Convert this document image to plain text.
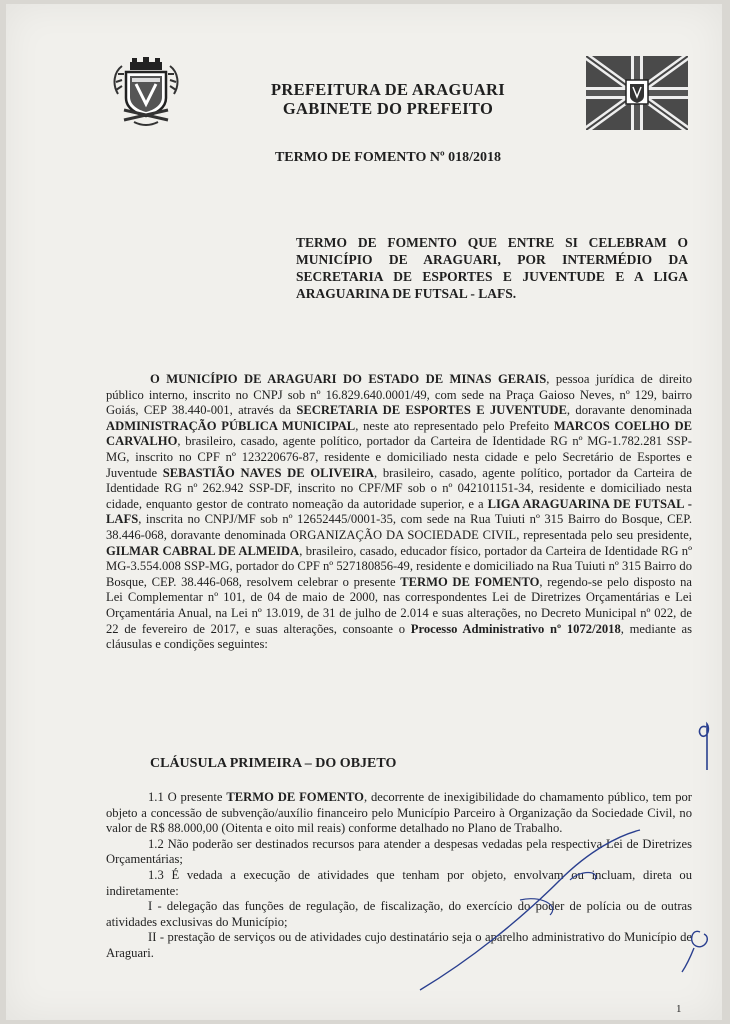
PREFEITURA DE ARAGUARI
GABINETE DO PREFEITO
TERMO DE FOMENTO Nº 018/2018
TERMO DE FOMENTO QUE ENTRE SI CELEBRAM O MUNICÍPIO DE ARAGUARI, POR INTERMÉDIO DA SECRETARIA DE ESPORTES E JUVENTUDE E A LIGA ARAGUARINA DE FUTSAL - LAFS.

O MUNICÍPIO DE ARAGUARI DO ESTADO DE MINAS GERAIS, pessoa jurídica de direito público interno, inscrito no CNPJ sob nº 16.829.640.0001/49, com sede na Praça Gaioso Neves, nº 129, bairro Goiás, CEP 38.440-001, através da SECRETARIA DE ESPORTES E JUVENTUDE, doravante denominada ADMINISTRAÇÃO PÚBLICA MUNICIPAL, neste ato representado pelo Prefeito MARCOS COELHO DE CARVALHO, brasileiro, casado, agente político, portador da Carteira de Identidade RG nº MG-1.782.281 SSP-MG, inscrito no CPF nº 123220676-87, residente e domiciliado nesta cidade e pelo Secretário de Esportes e Juventude SEBASTIÃO NAVES DE OLIVEIRA, brasileiro, casado, agente político, portador da Carteira de Identidade RG nº 262.942 SSP-DF, inscrito no CPF/MF sob o nº 042101151-34, residente e domiciliado nesta cidade, enquanto gestor de contrato nomeação da autoridade superior, e a LIGA ARAGUARINA DE FUTSAL - LAFS, inscrita no CNPJ/MF sob nº 12652445/0001-35, com sede na Rua Tuiuti nº 315 Bairro do Bosque, CEP. 38.446-068, doravante denominada ORGANIZAÇÃO DA SOCIEDADE CIVIL, representada pelo seu presidente, GILMAR CABRAL DE ALMEIDA, brasileiro, casado, educador físico, portador da Carteira de Identidade RG nº MG-3.554.008 SSP-MG, portador do CPF nº 527180856-49, residente e domiciliado na Rua Tuiuti nº 315 Bairro do Bosque, CEP. 38.446-068, resolvem celebrar o presente TERMO DE FOMENTO, regendo-se pelo disposto na Lei Complementar nº 101, de 04 de maio de 2000, nas correspondentes Lei de Diretrizes Orçamentárias e Lei Orçamentária Anual, na Lei nº 13.019, de 31 de julho de 2.014 e suas alterações, no Decreto Municipal nº 022, de 22 de fevereiro de 2017, e suas alterações, consoante o Processo Administrativo nº 1072/2018, mediante as cláusulas e condições seguintes:

CLÁUSULA PRIMEIRA – DO OBJETO

1.1 O presente TERMO DE FOMENTO, decorrente de inexigibilidade do chamamento público, tem por objeto a concessão de subvenção/auxílio financeiro pelo Município Parceiro à Organização da Sociedade Civil, no valor de R$ 88.000,00 (Oitenta e oito mil reais) conforme detalhado no Plano de Trabalho.

1.2 Não poderão ser destinados recursos para atender a despesas vedadas pela respectiva Lei de Diretrizes Orçamentárias;

1.3 É vedada a execução de atividades que tenham por objeto, envolvam ou incluam, direta ou indiretamente:

I - delegação das funções de regulação, de fiscalização, do exercício do poder de polícia ou de outras atividades exclusivas do Município;

II - prestação de serviços ou de atividades cujo destinatário seja o aparelho administrativo do Município de Araguari.

1
